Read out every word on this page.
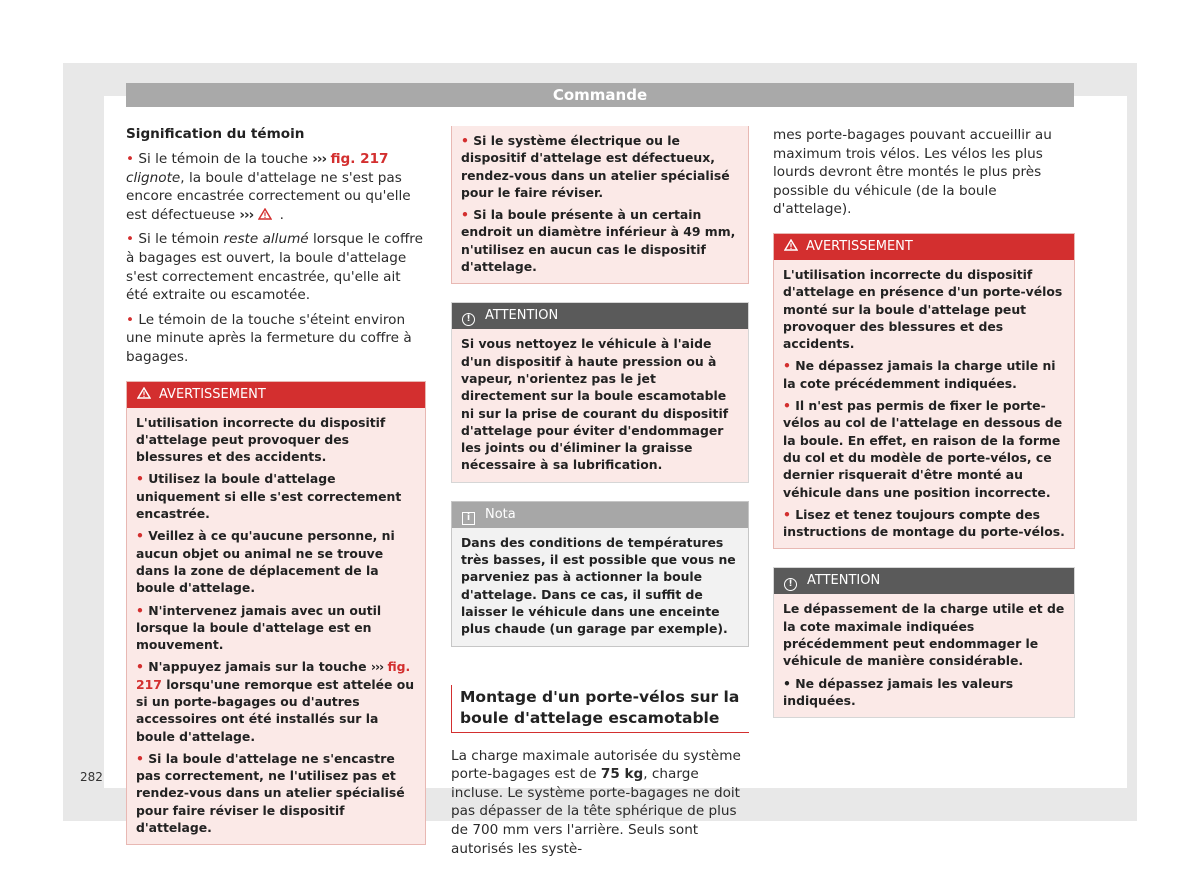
Commande
Signification du témoin

• Si le témoin de la touche ››› fig. 217 clignote, la boule d'attelage ne s'est pas encore encastrée correctement ou qu'elle est défectueuse ››› .

• Si le témoin reste allumé lorsque le coffre à bagages est ouvert, la boule d'attelage s'est correctement encastrée, qu'elle ait été extraite ou escamotée.

• Le témoin de la touche s'éteint environ une minute après la fermeture du coffre à bagages.

AVERTISSEMENT

L'utilisation incorrecte du dispositif d'attelage peut provoquer des blessures et des accidents.

• Utilisez la boule d'attelage uniquement si elle s'est correctement encastrée.

• Veillez à ce qu'aucune personne, ni aucun objet ou animal ne se trouve dans la zone de déplacement de la boule d'attelage.

• N'intervenez jamais avec un outil lorsque la boule d'attelage est en mouvement.

• N'appuyez jamais sur la touche ››› fig. 217 lorsqu'une remorque est attelée ou si un porte-bagages ou d'autres accessoires ont été installés sur la boule d'attelage.

• Si la boule d'attelage ne s'encastre pas correctement, ne l'utilisez pas et rendez-vous dans un atelier spécialisé pour faire réviser le dispositif d'attelage.

• Si le système électrique ou le dispositif d'attelage est défectueux, rendez-vous dans un atelier spécialisé pour le faire réviser.

• Si la boule présente à un certain endroit un diamètre inférieur à 49 mm, n'utilisez en aucun cas le dispositif d'attelage.

! ATTENTION

Si vous nettoyez le véhicule à l'aide d'un dispositif à haute pression ou à vapeur, n'orientez pas le jet directement sur la boule escamotable ni sur la prise de courant du dispositif d'attelage pour éviter d'endommager les joints ou d'éliminer la graisse nécessaire à sa lubrification.

i Nota

Dans des conditions de températures très basses, il est possible que vous ne parveniez pas à actionner la boule d'attelage. Dans ce cas, il suffit de laisser le véhicule dans une enceinte plus chaude (un garage par exemple).

Montage d'un porte-vélos sur la boule d'attelage escamotable

La charge maximale autorisée du système porte-bagages est de 75 kg, charge incluse. Le système porte-bagages ne doit pas dépasser de la tête sphérique de plus de 700 mm vers l'arrière. Seuls sont autorisés les systè-

mes porte-bagages pouvant accueillir au maximum trois vélos. Les vélos les plus lourds devront être montés le plus près possible du véhicule (de la boule d'attelage).

AVERTISSEMENT

L'utilisation incorrecte du dispositif d'attelage en présence d'un porte-vélos monté sur la boule d'attelage peut provoquer des blessures et des accidents.

• Ne dépassez jamais la charge utile ni la cote précédemment indiquées.

• Il n'est pas permis de fixer le porte-vélos au col de l'attelage en dessous de la boule. En effet, en raison de la forme du col et du modèle de porte-vélos, ce dernier risquerait d'être monté au véhicule dans une position incorrecte.

• Lisez et tenez toujours compte des instructions de montage du porte-vélos.

! ATTENTION

Le dépassement de la charge utile et de la cote maximale indiquées précédemment peut endommager le véhicule de manière considérable.

• Ne dépassez jamais les valeurs indiquées.

282
